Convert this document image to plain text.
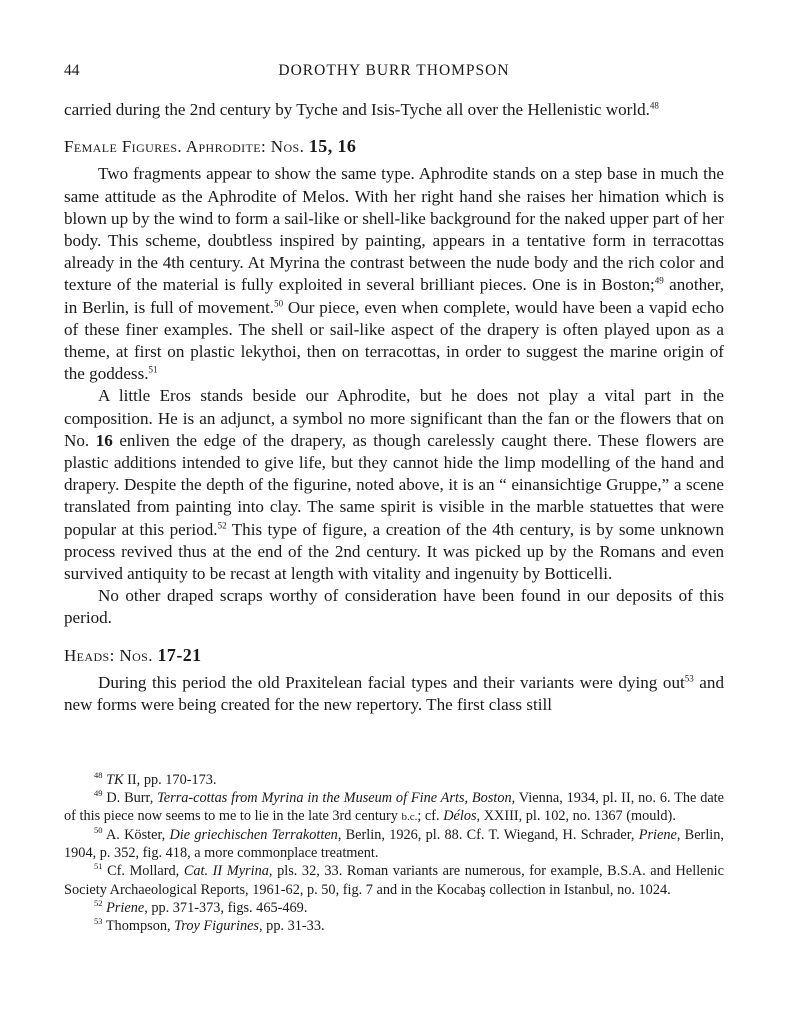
44	DOROTHY BURR THOMPSON

carried during the 2nd century by Tyche and Isis-Tyche all over the Hellenistic world.$^{48}$

Female Figures. Aphrodite: Nos. 15, 16

Two fragments appear to show the same type. Aphrodite stands on a step base in much the same attitude as the Aphrodite of Melos. With her right hand she raises her himation which is blown up by the wind to form a sail-like or shell-like background for the naked upper part of her body. This scheme, doubtless inspired by painting, appears in a tentative form in terracottas already in the 4th century. At Myrina the contrast between the nude body and the rich color and texture of the material is fully exploited in several brilliant pieces. One is in Boston;$^{49}$ another, in Berlin, is full of movement.$^{50}$ Our piece, even when complete, would have been a vapid echo of these finer examples. The shell or sail-like aspect of the drapery is often played upon as a theme, at first on plastic lekythoi, then on terracottas, in order to suggest the marine origin of the goddess.$^{51}$

A little Eros stands beside our Aphrodite, but he does not play a vital part in the composition. He is an adjunct, a symbol no more significant than the fan or the flowers that on No. 16 enliven the edge of the drapery, as though carelessly caught there. These flowers are plastic additions intended to give life, but they cannot hide the limp modelling of the hand and drapery. Despite the depth of the figurine, noted above, it is an “ einansichtige Gruppe,” a scene translated from painting into clay. The same spirit is visible in the marble statuettes that were popular at this period.$^{52}$ This type of figure, a creation of the 4th century, is by some unknown process revived thus at the end of the 2nd century. It was picked up by the Romans and even survived antiquity to be recast at length with vitality and ingenuity by Botticelli.

No other draped scraps worthy of consideration have been found in our deposits of this period.

Heads: Nos. 17-21

During this period the old Praxitelean facial types and their variants were dying out$^{53}$ and new forms were being created for the new repertory. The first class still

$^{48}$ TK II, pp. 170-173.

$^{49}$ D. Burr, Terra-cottas from Myrina in the Museum of Fine Arts, Boston, Vienna, 1934, pl. II, no. 6. The date of this piece now seems to me to lie in the late 3rd century b.c.; cf. Délos, XXIII, pl. 102, no. 1367 (mould).

$^{50}$ A. Köster, Die griechischen Terrakotten, Berlin, 1926, pl. 88. Cf. T. Wiegand, H. Schrader, Priene, Berlin, 1904, p. 352, fig. 418, a more commonplace treatment.

$^{51}$ Cf. Mollard, Cat. II Myrina, pls. 32, 33. Roman variants are numerous, for example, B.S.A. and Hellenic Society Archaeological Reports, 1961-62, p. 50, fig. 7 and in the Kocabaş collection in Istanbul, no. 1024.

$^{52}$ Priene, pp. 371-373, figs. 465-469.

$^{53}$ Thompson, Troy Figurines, pp. 31-33.
